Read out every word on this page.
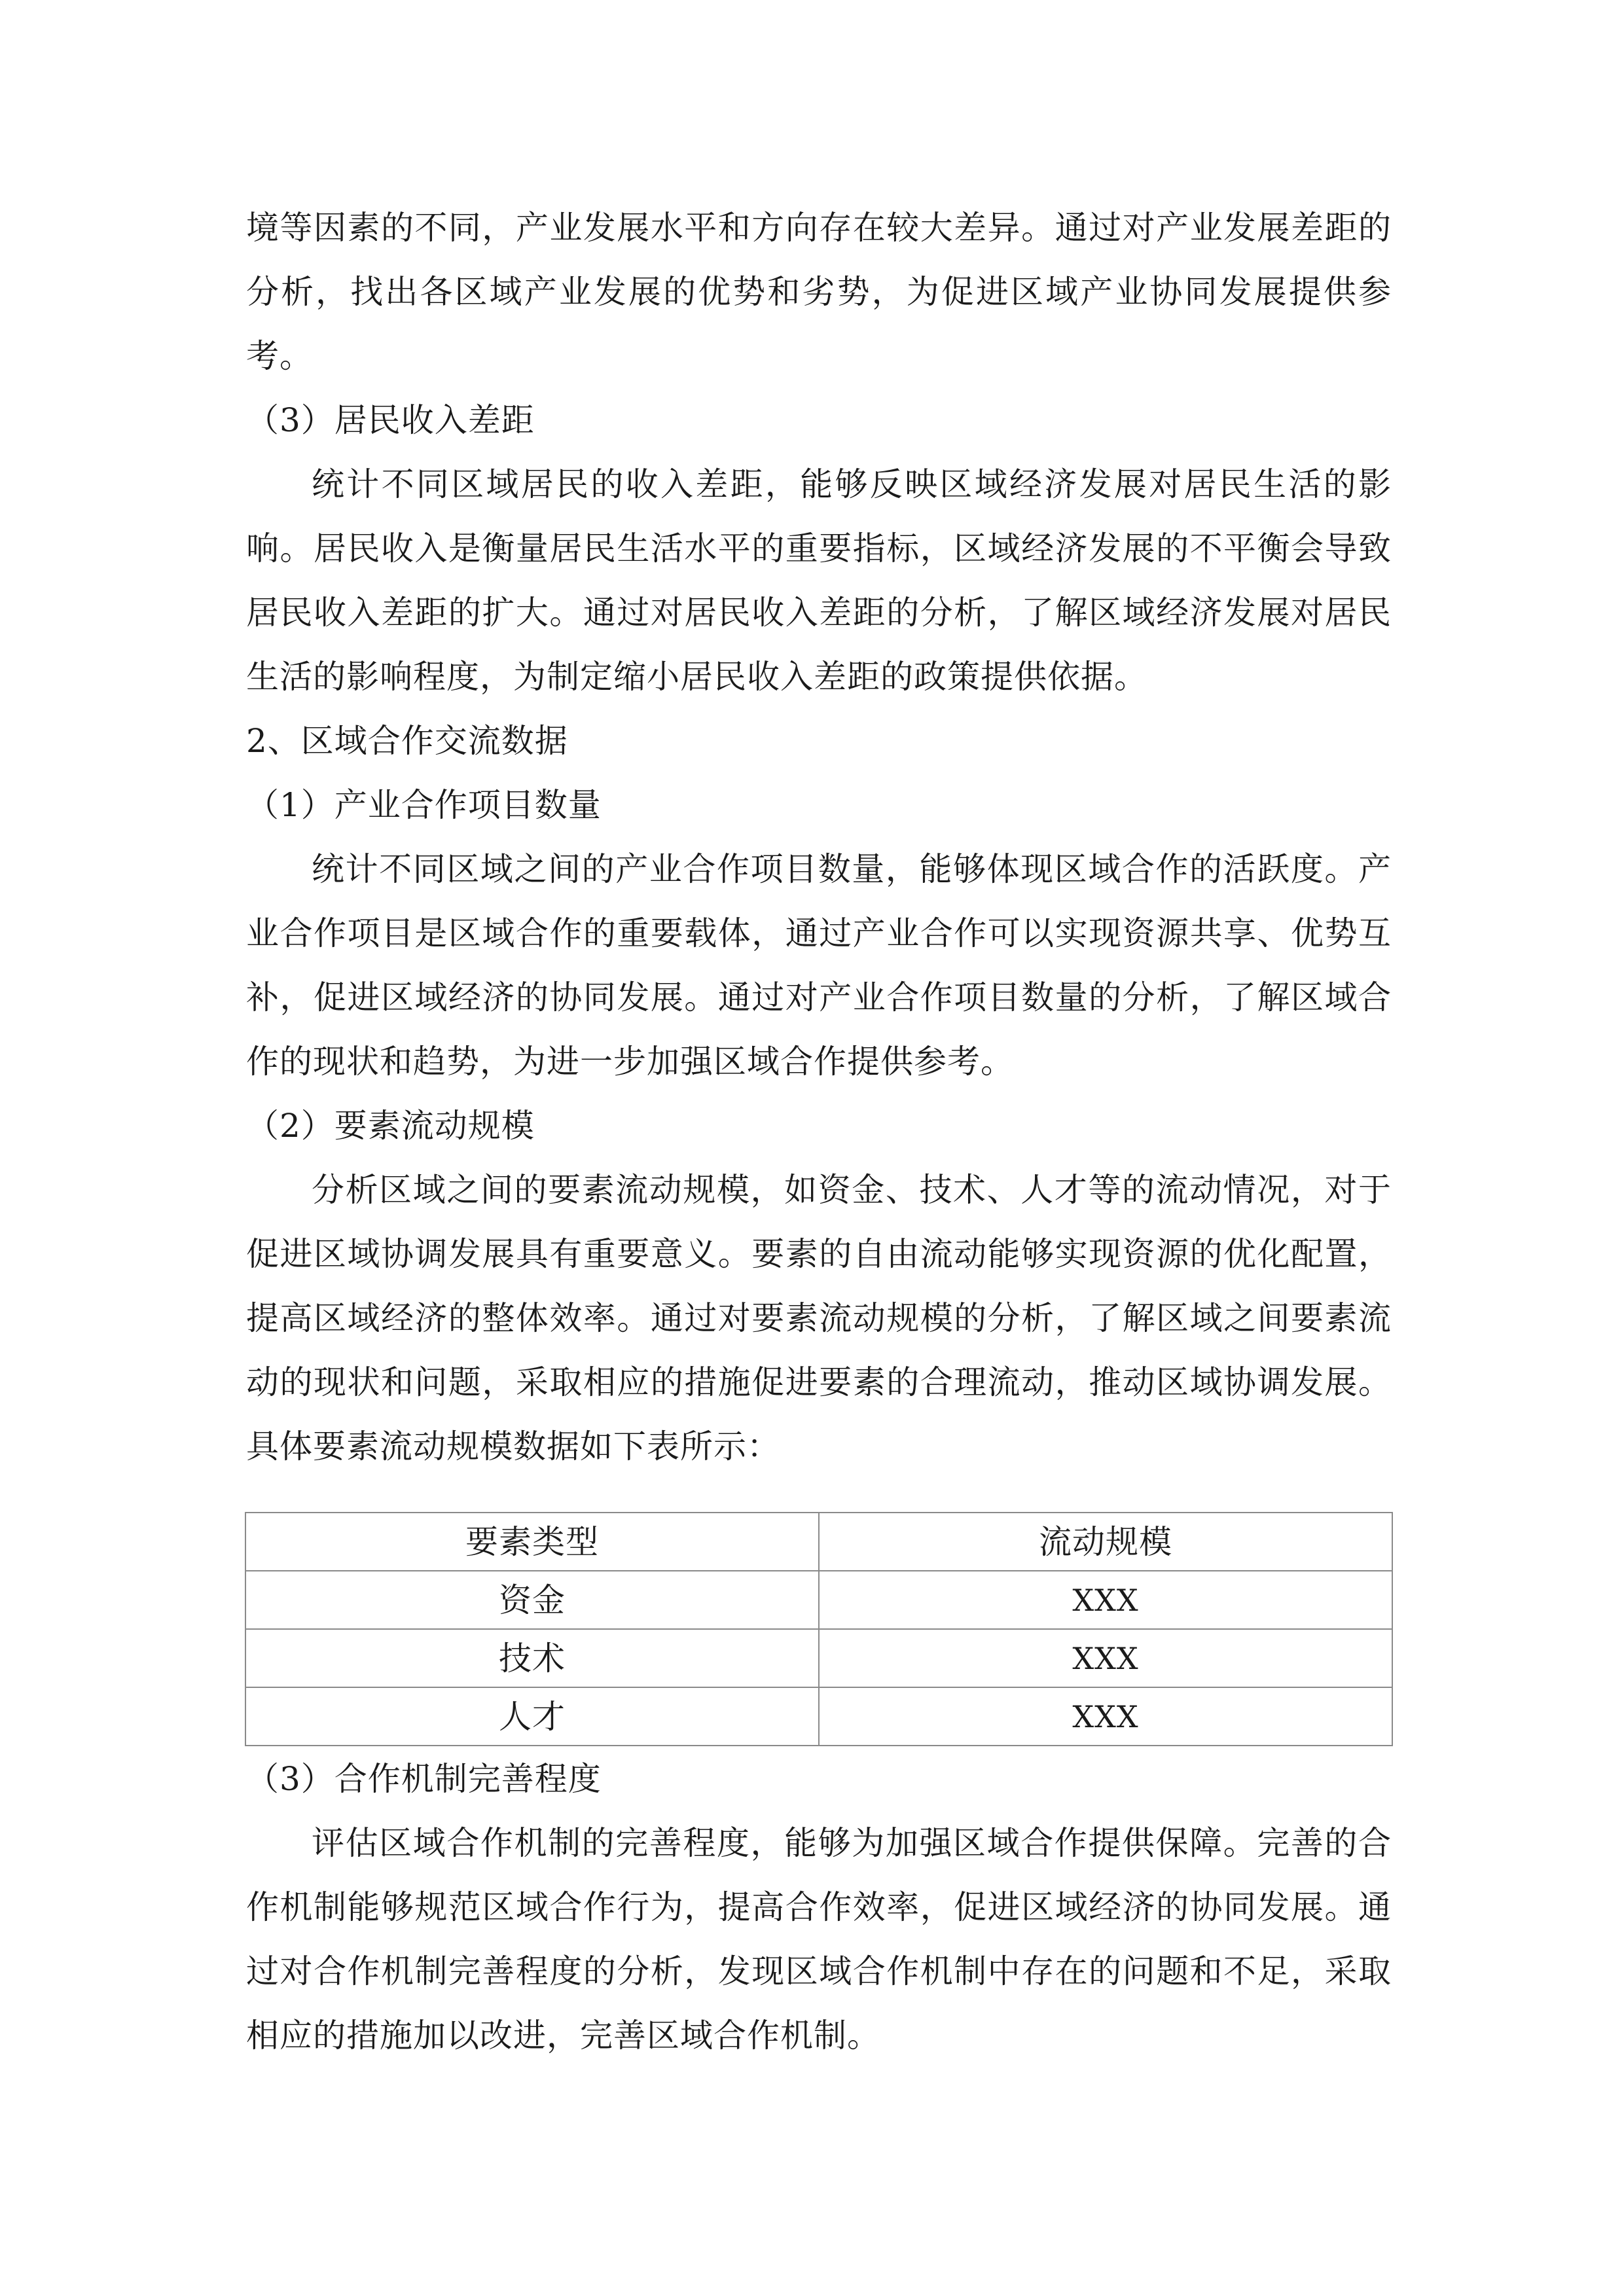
境等因素的不同，产业发展水平和方向存在较大差异。通过对产业发展差距的
分析，找出各区域产业发展的优势和劣势，为促进区域产业协同发展提供参
考。
（3）居民收入差距
统计不同区域居民的收入差距，能够反映区域经济发展对居民生活的影
响。居民收入是衡量居民生活水平的重要指标，区域经济发展的不平衡会导致
居民收入差距的扩大。通过对居民收入差距的分析，了解区域经济发展对居民
生活的影响程度，为制定缩小居民收入差距的政策提供依据。
2、区域合作交流数据
（1）产业合作项目数量
统计不同区域之间的产业合作项目数量，能够体现区域合作的活跃度。产
业合作项目是区域合作的重要载体，通过产业合作可以实现资源共享、优势互
补，促进区域经济的协同发展。通过对产业合作项目数量的分析，了解区域合
作的现状和趋势，为进一步加强区域合作提供参考。
（2）要素流动规模
分析区域之间的要素流动规模，如资金、技术、人才等的流动情况，对于
促进区域协调发展具有重要意义。要素的自由流动能够实现资源的优化配置，
提高区域经济的整体效率。通过对要素流动规模的分析，了解区域之间要素流
动的现状和问题，采取相应的措施促进要素的合理流动，推动区域协调发展。
具体要素流动规模数据如下表所示：
要素类型	流动规模
资金	XXX
技术	XXX
人才	XXX
（3）合作机制完善程度
评估区域合作机制的完善程度，能够为加强区域合作提供保障。完善的合
作机制能够规范区域合作行为，提高合作效率，促进区域经济的协同发展。通
过对合作机制完善程度的分析，发现区域合作机制中存在的问题和不足，采取
相应的措施加以改进，完善区域合作机制。
